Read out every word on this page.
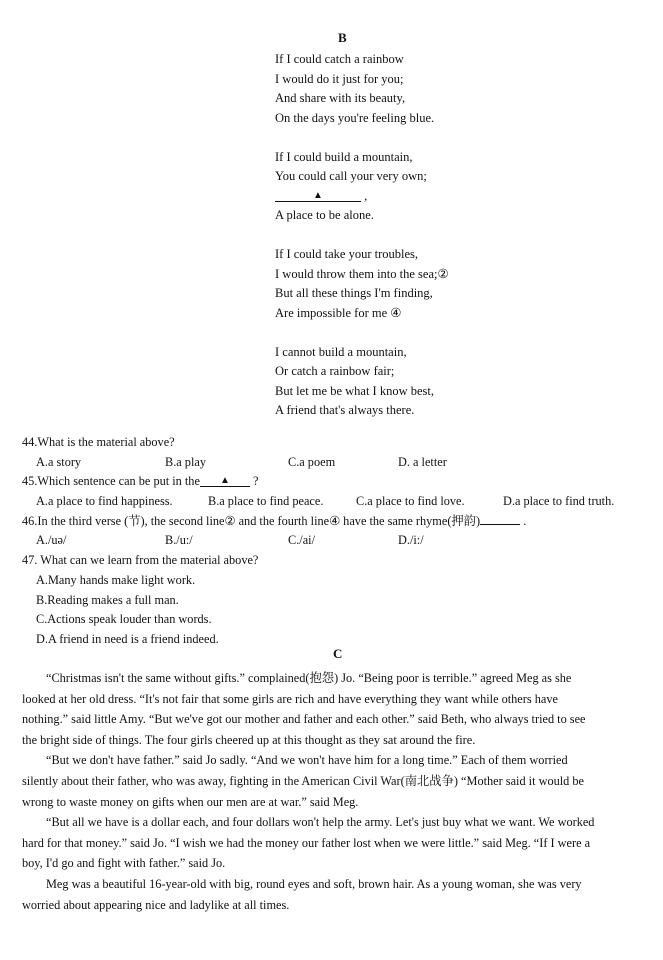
B
If I could catch a rainbow
I would do it just for you;
And share with its beauty,
On the days you're feeling blue.
If I could build a mountain,
You could call your very own;
▲	,
A place to be alone.
If I could take your troubles,
I would throw them into the sea;②
But all these things I'm finding,
Are impossible for me ④
I cannot build a mountain,
Or catch a rainbow fair;
But let me be what I know best,
A friend that's always there.
44.What is the material above?
A.a story	B.a play	C.a poem	D. a letter
45.Which sentence can be put in the ▲ ?
A.a place to find happiness.	B.a place to find peace.	C.a place to find love.	D.a place to find truth.
46.In the third verse (节), the second line② and the fourth line④ have the same rhyme(押韵)	.
A./uə/	B./u:/	C./ai/	D./i:/
47. What can we learn from the material above?
A.Many hands make light work.
B.Reading makes a full man.
C.Actions speak louder than words.
D.A friend in need is a friend indeed.
C
“Christmas isn't the same without gifts.” complained(抱怨) Jo. “Being poor is terrible.” agreed Meg as she
looked at her old dress. “It's not fair that some girls are rich and have everything they want while others have
nothing.” said little Amy. “But we've got our mother and father and each other.” said Beth, who always tried to see
the bright side of things. The four girls cheered up at this thought as they sat around the fire.
“But we don't have father.” said Jo sadly. “And we won't have him for a long time.” Each of them worried
silently about their father, who was away, fighting in the American Civil War(南北战争) “Mother said it would be
wrong to waste money on gifts when our men are at war.” said Meg.
“But all we have is a dollar each, and four dollars won't help the army. Let's just buy what we want. We worked
hard for that money.” said Jo. “I wish we had the money our father lost when we were little.” said Meg. “If I were a
boy, I'd go and fight with father.” said Jo.
Meg was a beautiful 16-year-old with big, round eyes and soft, brown hair. As a young woman, she was very
worried about appearing nice and ladylike at all times.
